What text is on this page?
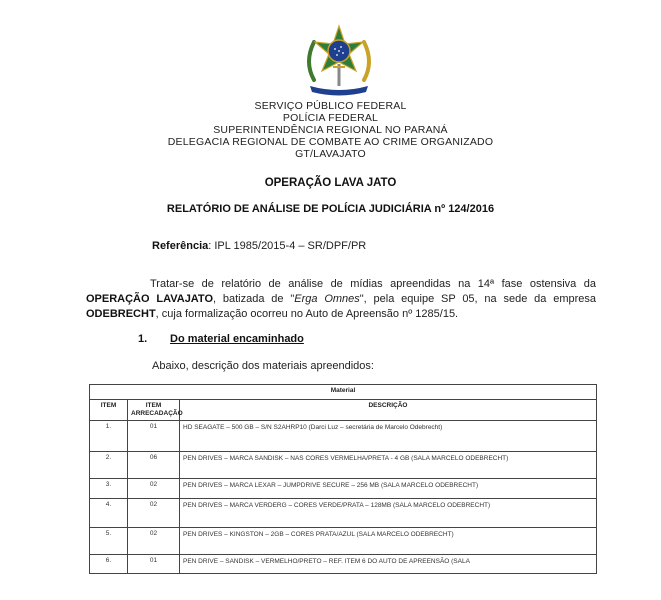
SERVIÇO PÚBLICO FEDERAL
POLÍCIA FEDERAL
SUPERINTENDÊNCIA REGIONAL NO PARANÁ
DELEGACIA REGIONAL DE COMBATE AO CRIME ORGANIZADO
GT/LAVAJATO
OPERAÇÃO LAVA JATO
RELATÓRIO DE ANÁLISE DE POLÍCIA JUDICIÁRIA nº 124/2016
Referência: IPL 1985/2015-4 – SR/DPF/PR
Tratar-se de relatório de análise de mídias apreendidas na 14ª fase ostensiva da
OPERAÇÃO LAVAJATO, batizada de "Erga Omnes", pela equipe SP 05, na sede da empresa
ODEBRECHT, cuja formalização ocorreu no Auto de Apreensão nº 1285/15.
1. Do material encaminhado
Abaixo, descrição dos materiais apreendidos:
Material		
ITEM	ITEM ARRECADAÇÃO	DESCRIÇÃO
1.	01	HD SEAGATE – 500 GB – S/N S2AHRP10 (Darci Luz – secretária de Marcelo Odebrecht)
2.	06	PEN DRIVES – MARCA SANDISK – NAS CORES VERMELHA/PRETA - 4 GB (SALA MARCELO ODEBRECHT)
3.	02	PEN DRIVES – MARCA LEXAR – JUMPDRIVE SECURE – 256 MB (SALA MARCELO ODEBRECHT)
4.	02	PEN DRIVES – MARCA VERDERG – CORES VERDE/PRATA – 128MB (SALA MARCELO ODEBRECHT)
5.	02	PEN DRIVES – KINGSTON – 2GB – CORES PRATA/AZUL (SALA MARCELO ODEBRECHT)
6.	01	PEN DRIVE – SANDISK – VERMELHO/PRETO – REF. ITEM 6 DO AUTO DE APREENSÃO (SALA
